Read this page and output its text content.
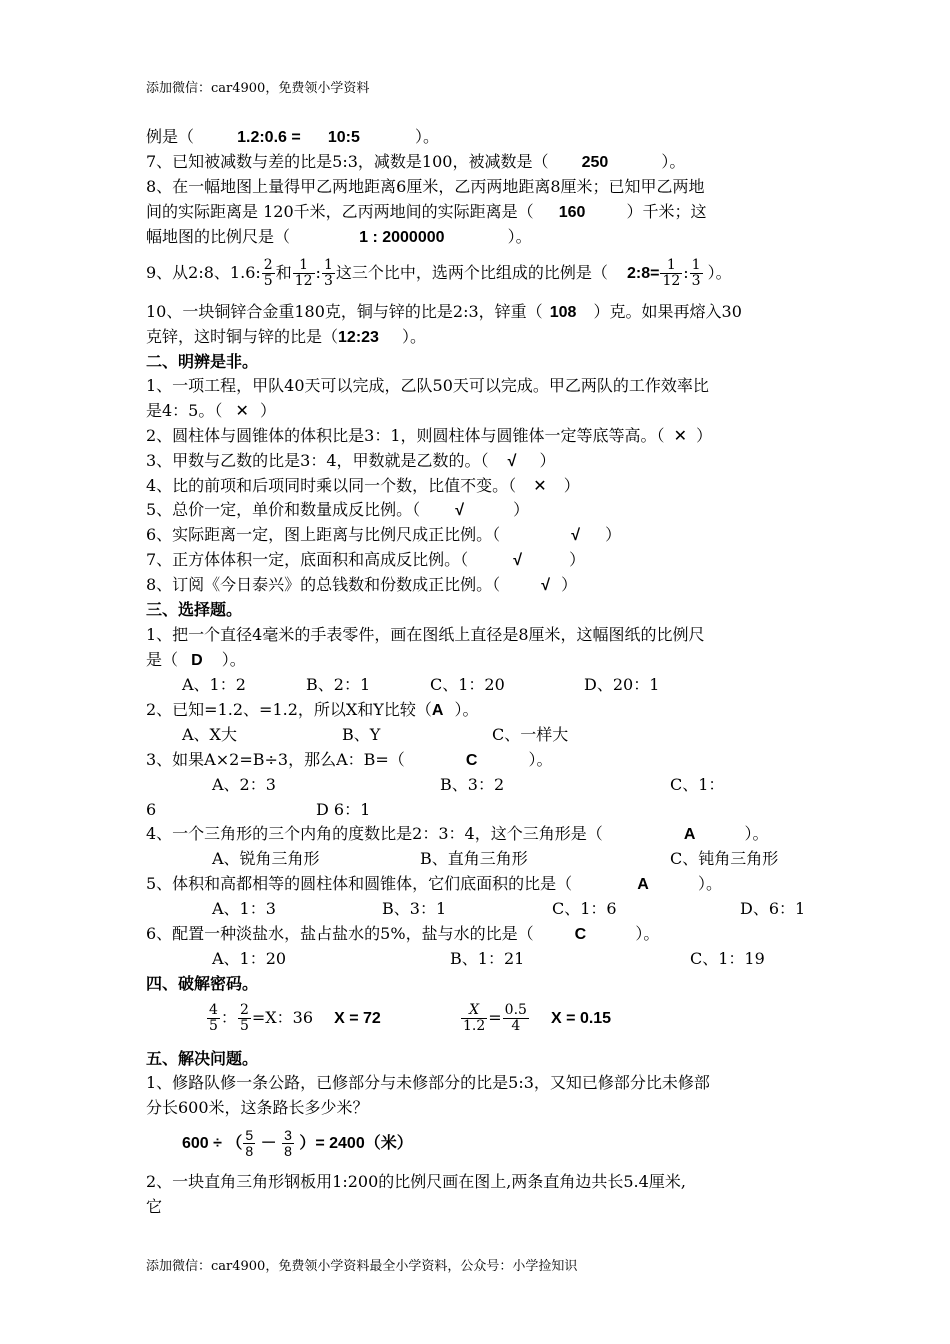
添加微信：car4900，免费领小学资料
例是（	1.2:0.6 = 10:5	）。
7、已知被减数与差的比是5:3，减数是100，被减数是（ 250	）。
8、在一幅地图上量得甲乙两地距离6厘米，乙丙两地距离8厘米；已知甲乙两地
间的实际距离是 120千米，乙丙两地间的实际距离是（ 160	）千米；这
幅地图的比例尺是（	1 : 2000000	）。
9、从2:8、1.6: $\frac{2}{5}$ 和 $\frac{1}{12}$ : $\frac{1}{3}$ 这三个比中，选两个比组成的比例是（ 2:8= $\frac{1}{12}$ : $\frac{1}{3}$ ）。
10、一块铜锌合金重180克，铜与锌的比是2:3，锌重（ 108 ）克。如果再熔入30
克锌，这时铜与锌的比是（12:23 ）。
二、明辨是非。
1、一项工程，甲队40天可以完成，乙队50天可以完成。甲乙两队的工作效率比
是4：5。（ ✕ ）
2、圆柱体与圆锥体的体积比是3：1，则圆柱体与圆锥体一定等底等高。（ ✕ ）
3、甲数与乙数的比是3：4，甲数就是乙数的。（ √ ）
4、比的前项和后项同时乘以同一个数，比值不变。（ ✕ ）
5、总价一定，单价和数量成反比例。（ √	）
6、实际距离一定，图上距离与比例尺成正比例。（	√ ）
7、正方体体积一定，底面积和高成反比例。（	√	）
8、订阅《今日泰兴》的总钱数和份数成正比例。（	√ ）
三、选择题。
1、把一个直径4毫米的手表零件，画在图纸上直径是8厘米，这幅图纸的比例尺
是（ D ）。
A、1：2	B、2：1	C、1：20	D、20：1
2、已知=1.2、=1.2，所以X和Y比较（A ）。
A、X大	B、Y	C、一样大
3、如果A×2=B÷3，那么A：B=（	C	）。
A、2：3	B、3：2	C、1：
6	D 6：1
4、一个三角形的三个内角的度数比是2：3：4，这个三角形是（	A	）。
A、锐角三角形	B、直角三角形	C、钝角三角形
5、体积和高都相等的圆柱体和圆锥体，它们底面积的比是（	A	）。
A、1：3	B、3：1	C、1：6	D、6：1
6、配置一种淡盐水，盐占盐水的5%，盐与水的比是（	C	）。
A、1：20	B、1：21	C、1：19
四、破解密码。
$\frac{4}{5}$ ： $\frac{2}{5} =X$：36 X = 72	$\frac{X}{1.2} = \frac{0.5}{4}$ X = 0.15
五、解决问题。
1、修路队修一条公路，已修部分与未修部分的比是5:3，又知已修部分比未修部
分长600米，这条路长多少米？
600 ÷ （ $\frac{5}{8} - \frac{3}{8}$ ）= 2400（米）
2、一块直角三角形钢板用1:200的比例尺画在图上,两条直角边共长5.4厘米,
它
添加微信：car4900，免费领小学资料最全小学资料，公众号：小学捡知识
